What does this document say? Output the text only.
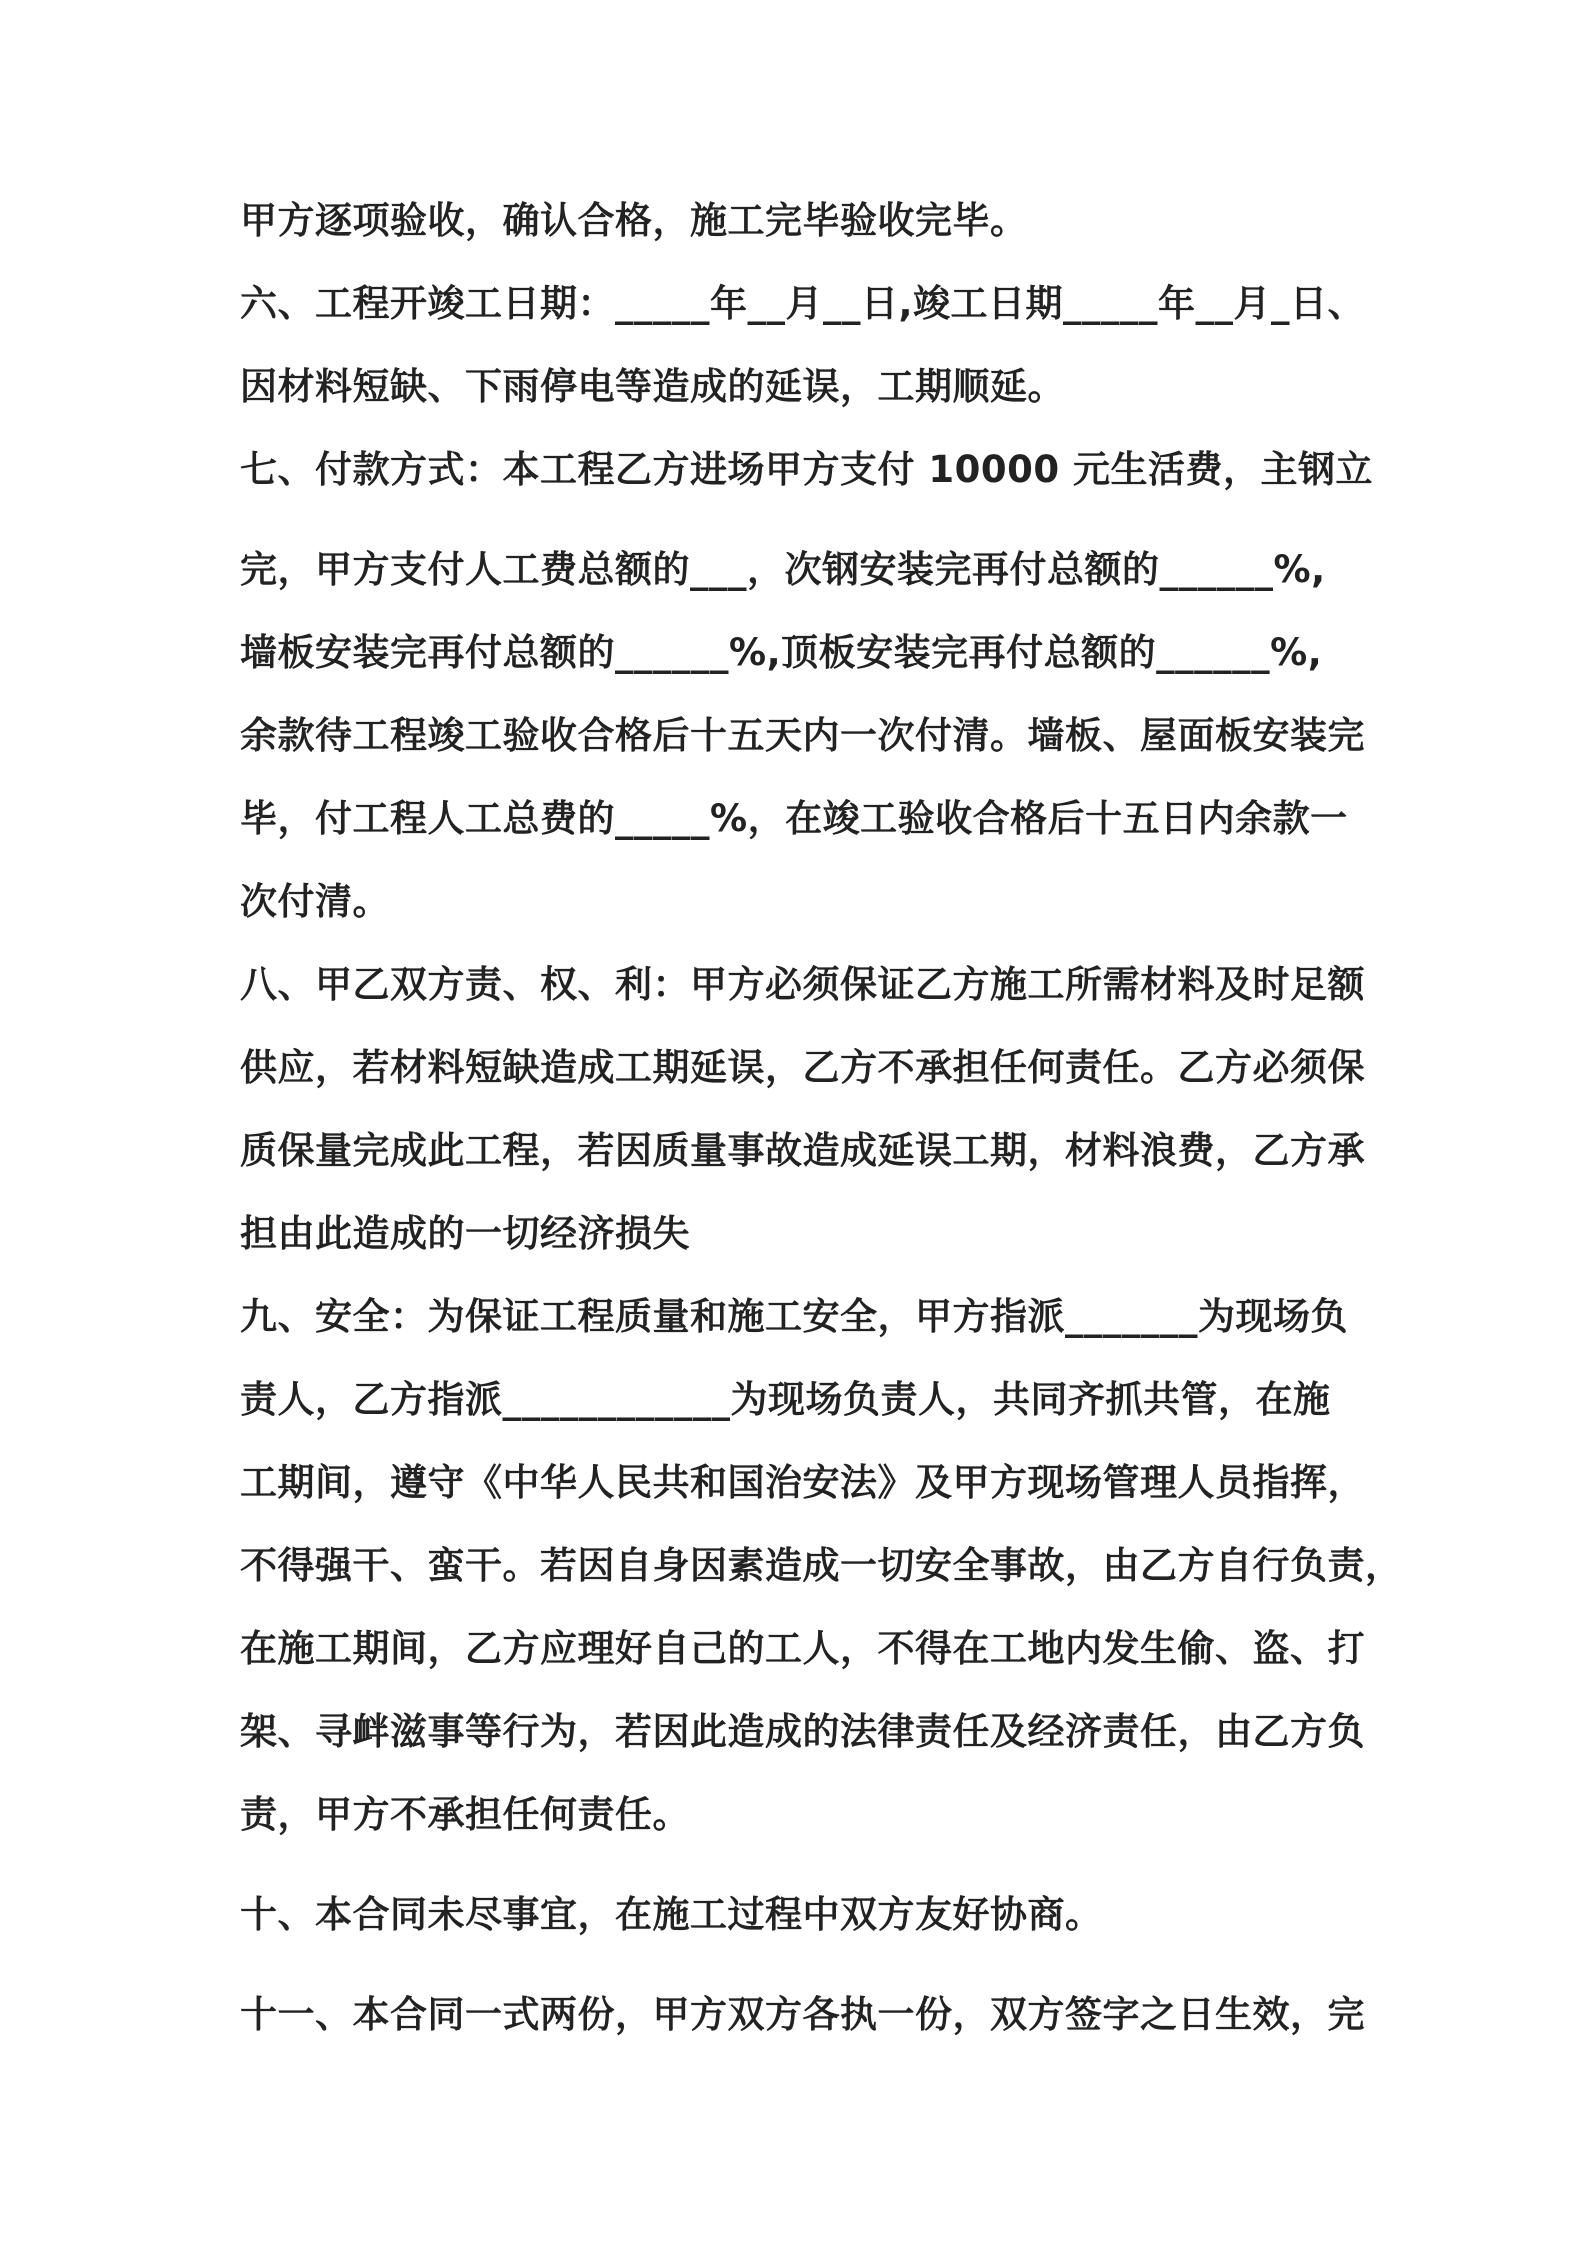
甲方逐项验收，确认合格，施工完毕验收完毕。
六、工程开竣工日期：_____年__月__日,竣工日期_____年__月_日、
因材料短缺、下雨停电等造成的延误，工期顺延。
七、付款方式：本工程乙方进场甲方支付 10000 元生活费，主钢立
完，甲方支付人工费总额的___，次钢安装完再付总额的______%,
墙板安装完再付总额的______%,顶板安装完再付总额的______%,
余款待工程竣工验收合格后十五天内一次付清。墙板、屋面板安装完
毕，付工程人工总费的_____%，在竣工验收合格后十五日内余款一
次付清。
八、甲乙双方责、权、利：甲方必须保证乙方施工所需材料及时足额
供应，若材料短缺造成工期延误，乙方不承担任何责任。乙方必须保
质保量完成此工程，若因质量事故造成延误工期，材料浪费，乙方承
担由此造成的一切经济损失
九、安全：为保证工程质量和施工安全，甲方指派_______为现场负
责人，乙方指派____________为现场负责人，共同齐抓共管，在施
工期间，遵守《中华人民共和国治安法》及甲方现场管理人员指挥，
不得强干、蛮干。若因自身因素造成一切安全事故，由乙方自行负责，
在施工期间，乙方应理好自己的工人，不得在工地内发生偷、盗、打
架、寻衅滋事等行为，若因此造成的法律责任及经济责任，由乙方负
责，甲方不承担任何责任。
十、本合同未尽事宜，在施工过程中双方友好协商。
十一、本合同一式两份，甲方双方各执一份，双方签字之日生效，完
